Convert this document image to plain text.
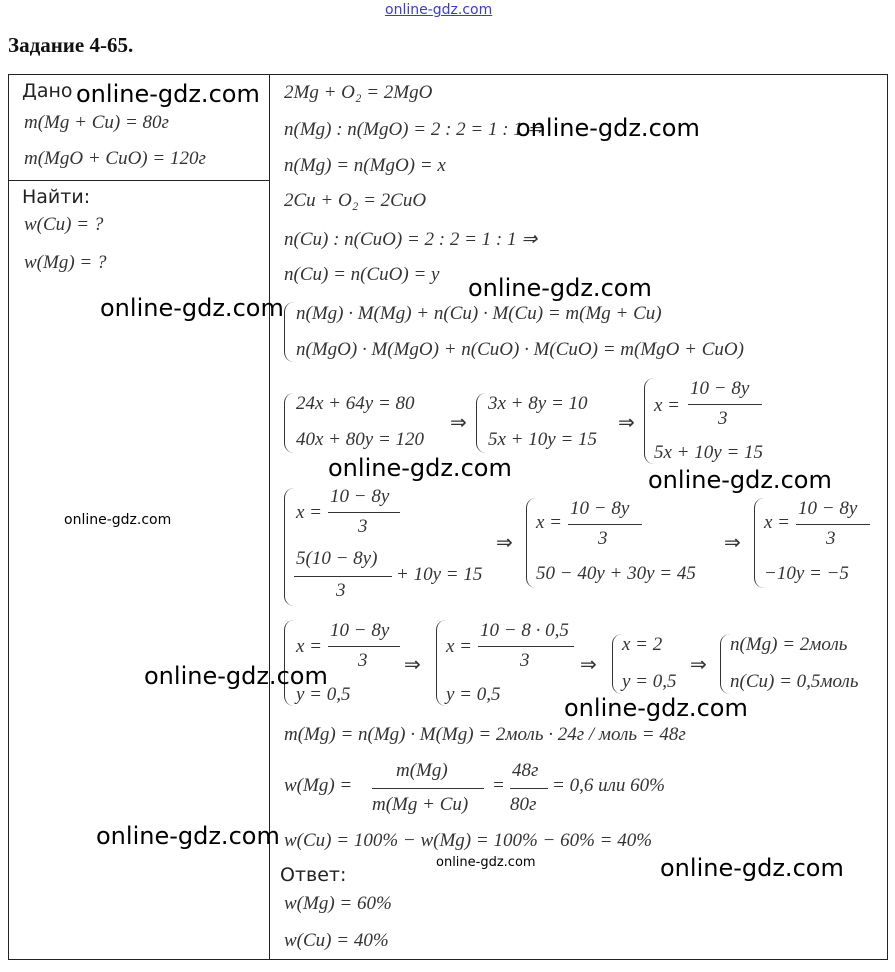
online-gdz.com
Задание 4-65.
Дано
m(Mg + Cu) = 80г
m(MgO + CuO) = 120г
Найти:
w(Cu) = ?
w(Mg) = ?
2Mg + O₂ = 2MgO
n(Mg) : n(MgO) = 2 : 2 = 1 : 1 ⇒
n(Mg) = n(MgO) = x
2Cu + O₂ = 2CuO
n(Cu) : n(CuO) = 2 : 2 = 1 : 1 ⇒
n(Cu) = n(CuO) = y
n(Mg) · M(Mg) + n(Cu) · M(Cu) = m(Mg + Cu)
n(MgO) · M(MgO) + n(CuO) · M(CuO) = m(MgO + CuO)
24x + 64y = 80
40x + 80y = 120
⇒
3x + 8y = 10
5x + 10y = 15
⇒
x =
10 − 8y
3
5x + 10y = 15
x =
10 − 8y
3
5(10 − 8y)
3
+ 10y = 15
⇒
x =
10 − 8y
3
50 − 40y + 30y = 45
⇒
x =
10 − 8y
3
−10y = −5
x =
10 − 8y
3
y = 0,5
⇒
x =
10 − 8 · 0,5
3
y = 0,5
⇒
x = 2
y = 0,5
⇒
n(Mg) = 2моль
n(Cu) = 0,5моль
m(Mg) = n(Mg) · M(Mg) = 2моль · 24г / моль = 48г
w(Mg) =
m(Mg)
m(Mg + Cu)
=
48г
80г
= 0,6 или 60%
w(Cu) = 100% − w(Mg) = 100% − 60% = 40%
Ответ:
w(Mg) = 60%
w(Cu) = 40%
online-gdz.com
online-gdz.com
online-gdz.com
online-gdz.com
online-gdz.com	online-gdz.com
online-gdz.com
online-gdz.com
online-gdz.com
online-gdz.com
online-gdz.com
online-gdz.com
